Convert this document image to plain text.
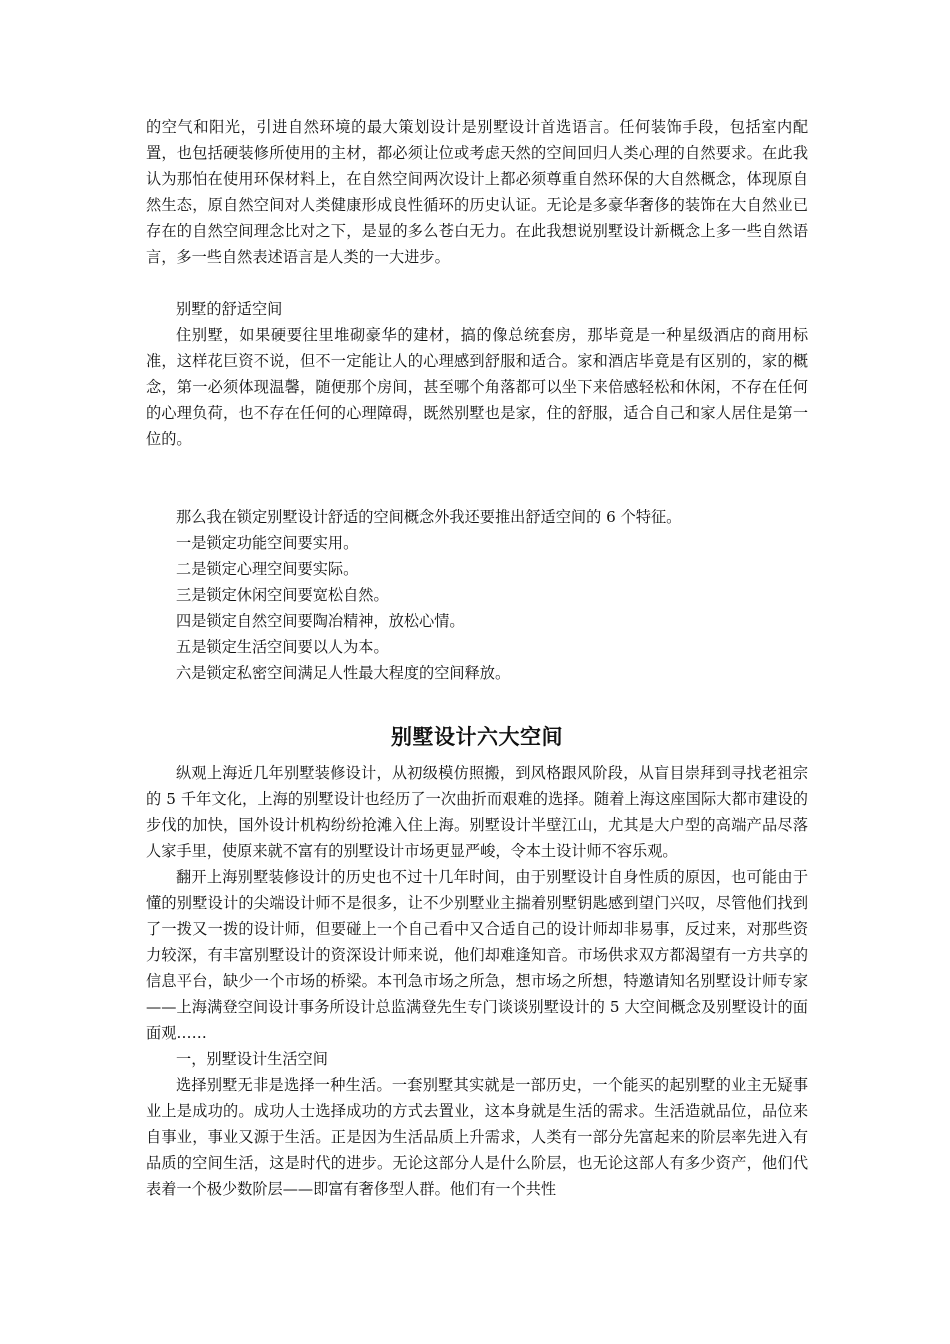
的空气和阳光，引进自然环境的最大策划设计是别墅设计首选语言。任何装饰手段，包括室内配置，也包括硬装修所使用的主材，都必须让位或考虑天然的空间回归人类心理的自然要求。在此我认为那怕在使用环保材料上，在自然空间两次设计上都必须尊重自然环保的大自然概念，体现原自然生态，原自然空间对人类健康形成良性循环的历史认证。无论是多豪华奢侈的装饰在大自然业已存在的自然空间理念比对之下，是显的多么苍白无力。在此我想说别墅设计新概念上多一些自然语言，多一些自然表述语言是人类的一大进步。

别墅的舒适空间

住别墅，如果硬要往里堆砌豪华的建材，搞的像总统套房，那毕竟是一种星级酒店的商用标准，这样花巨资不说，但不一定能让人的心理感到舒服和适合。家和酒店毕竟是有区别的，家的概念，第一必须体现温馨，随便那个房间，甚至哪个角落都可以坐下来倍感轻松和休闲，不存在任何的心理负荷，也不存在任何的心理障碍，既然别墅也是家，住的舒服，适合自己和家人居住是第一位的。

那么我在锁定别墅设计舒适的空间概念外我还要推出舒适空间的 6 个特征。

一是锁定功能空间要实用。
二是锁定心理空间要实际。
三是锁定休闲空间要宽松自然。
四是锁定自然空间要陶冶精神，放松心情。
五是锁定生活空间要以人为本。
六是锁定私密空间满足人性最大程度的空间释放。
别墅设计六大空间

纵观上海近几年别墅装修设计，从初级模仿照搬，到风格跟风阶段，从盲目崇拜到寻找老祖宗的 5 千年文化，上海的别墅设计也经历了一次曲折而艰难的选择。随着上海这座国际大都市建设的步伐的加快，国外设计机构纷纷抢滩入住上海。别墅设计半壁江山，尤其是大户型的高端产品尽落人家手里，使原来就不富有的别墅设计市场更显严峻，令本土设计师不容乐观。

翻开上海别墅装修设计的历史也不过十几年时间，由于别墅设计自身性质的原因，也可能由于懂的别墅设计的尖端设计师不是很多，让不少别墅业主揣着别墅钥匙感到望门兴叹，尽管他们找到了一拨又一拨的设计师，但要碰上一个自己看中又合适自己的设计师却非易事，反过来，对那些资力较深，有丰富别墅设计的资深设计师来说，他们却难逢知音。市场供求双方都渴望有一方共享的信息平台，缺少一个市场的桥梁。本刊急市场之所急，想市场之所想，特邀请知名别墅设计师专家——上海满登空间设计事务所设计总监满登先生专门谈谈别墅设计的 5 大空间概念及别墅设计的面面观……

一，别墅设计生活空间

选择别墅无非是选择一种生活。一套别墅其实就是一部历史，一个能买的起别墅的业主无疑事业上是成功的。成功人士选择成功的方式去置业，这本身就是生活的需求。生活造就品位，品位来自事业，事业又源于生活。正是因为生活品质上升需求，人类有一部分先富起来的阶层率先进入有品质的空间生活，这是时代的进步。无论这部分人是什么阶层，也无论这部人有多少资产，他们代表着一个极少数阶层——即富有奢侈型人群。他们有一个共性
